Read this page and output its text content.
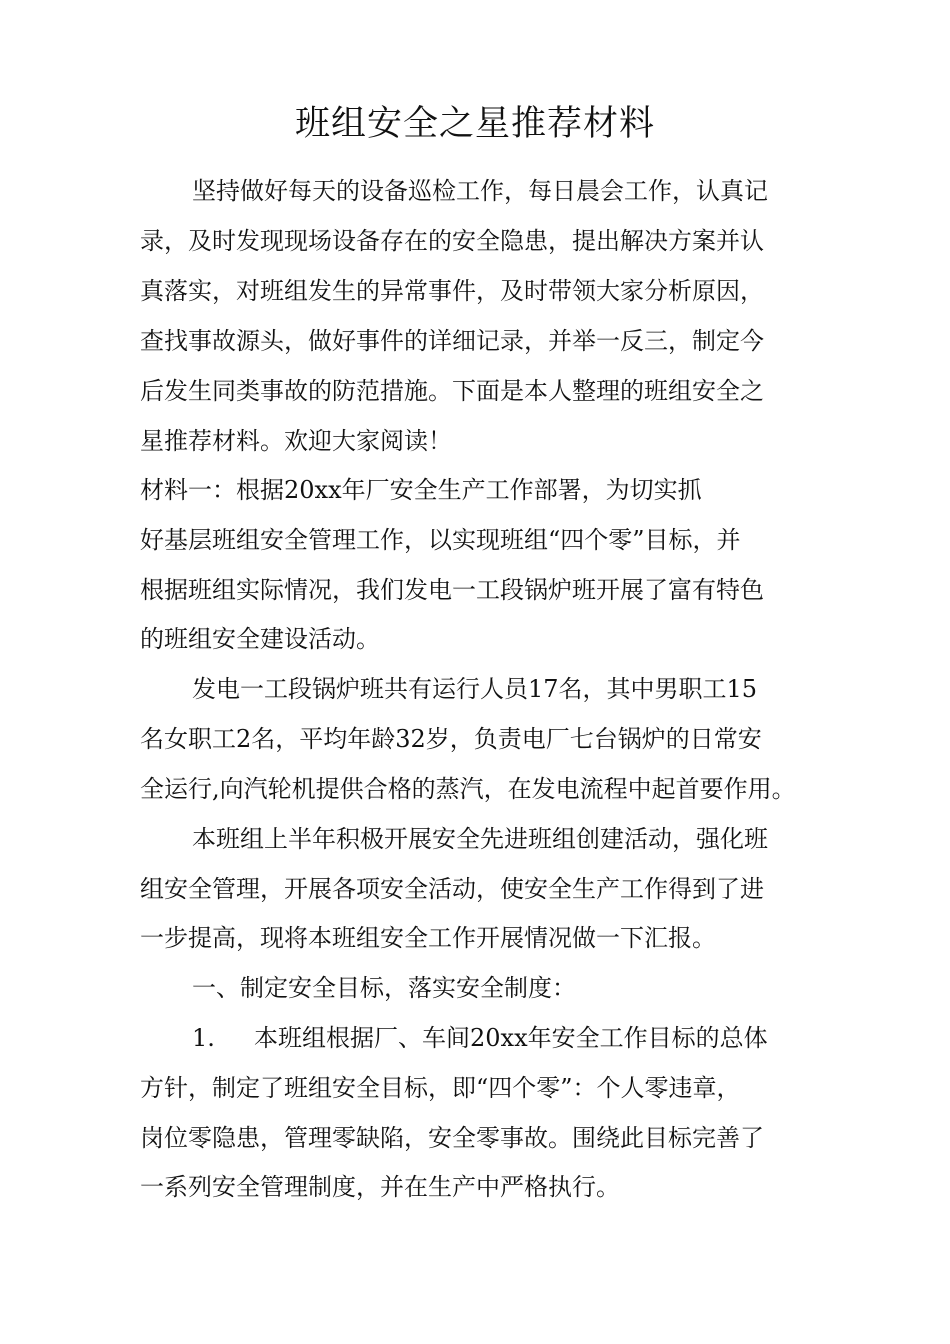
班组安全之星推荐材料
坚持做好每天的设备巡检工作，每日晨会工作，认真记
录，及时发现现场设备存在的安全隐患，提出解决方案并认
真落实，对班组发生的异常事件，及时带领大家分析原因，
查找事故源头，做好事件的详细记录，并举一反三，制定今
后发生同类事故的防范措施。下面是本人整理的班组安全之
星推荐材料。欢迎大家阅读！
材料一：根据20xx年厂安全生产工作部署，为切实抓
好基层班组安全管理工作，以实现班组“四个零”目标，并
根据班组实际情况，我们发电一工段锅炉班开展了富有特色
的班组安全建设活动。
发电一工段锅炉班共有运行人员17名，其中男职工15
名女职工2名，平均年龄32岁，负责电厂七台锅炉的日常安
全运行,向汽轮机提供合格的蒸汽，在发电流程中起首要作用。
本班组上半年积极开展安全先进班组创建活动，强化班
组安全管理，开展各项安全活动，使安全生产工作得到了进
一步提高，现将本班组安全工作开展情况做一下汇报。
一、制定安全目标，落实安全制度：
1. 本班组根据厂、车间20xx年安全工作目标的总体
方针，制定了班组安全目标，即“四个零”：个人零违章，
岗位零隐患，管理零缺陷，安全零事故。围绕此目标完善了
一系列安全管理制度，并在生产中严格执行。
